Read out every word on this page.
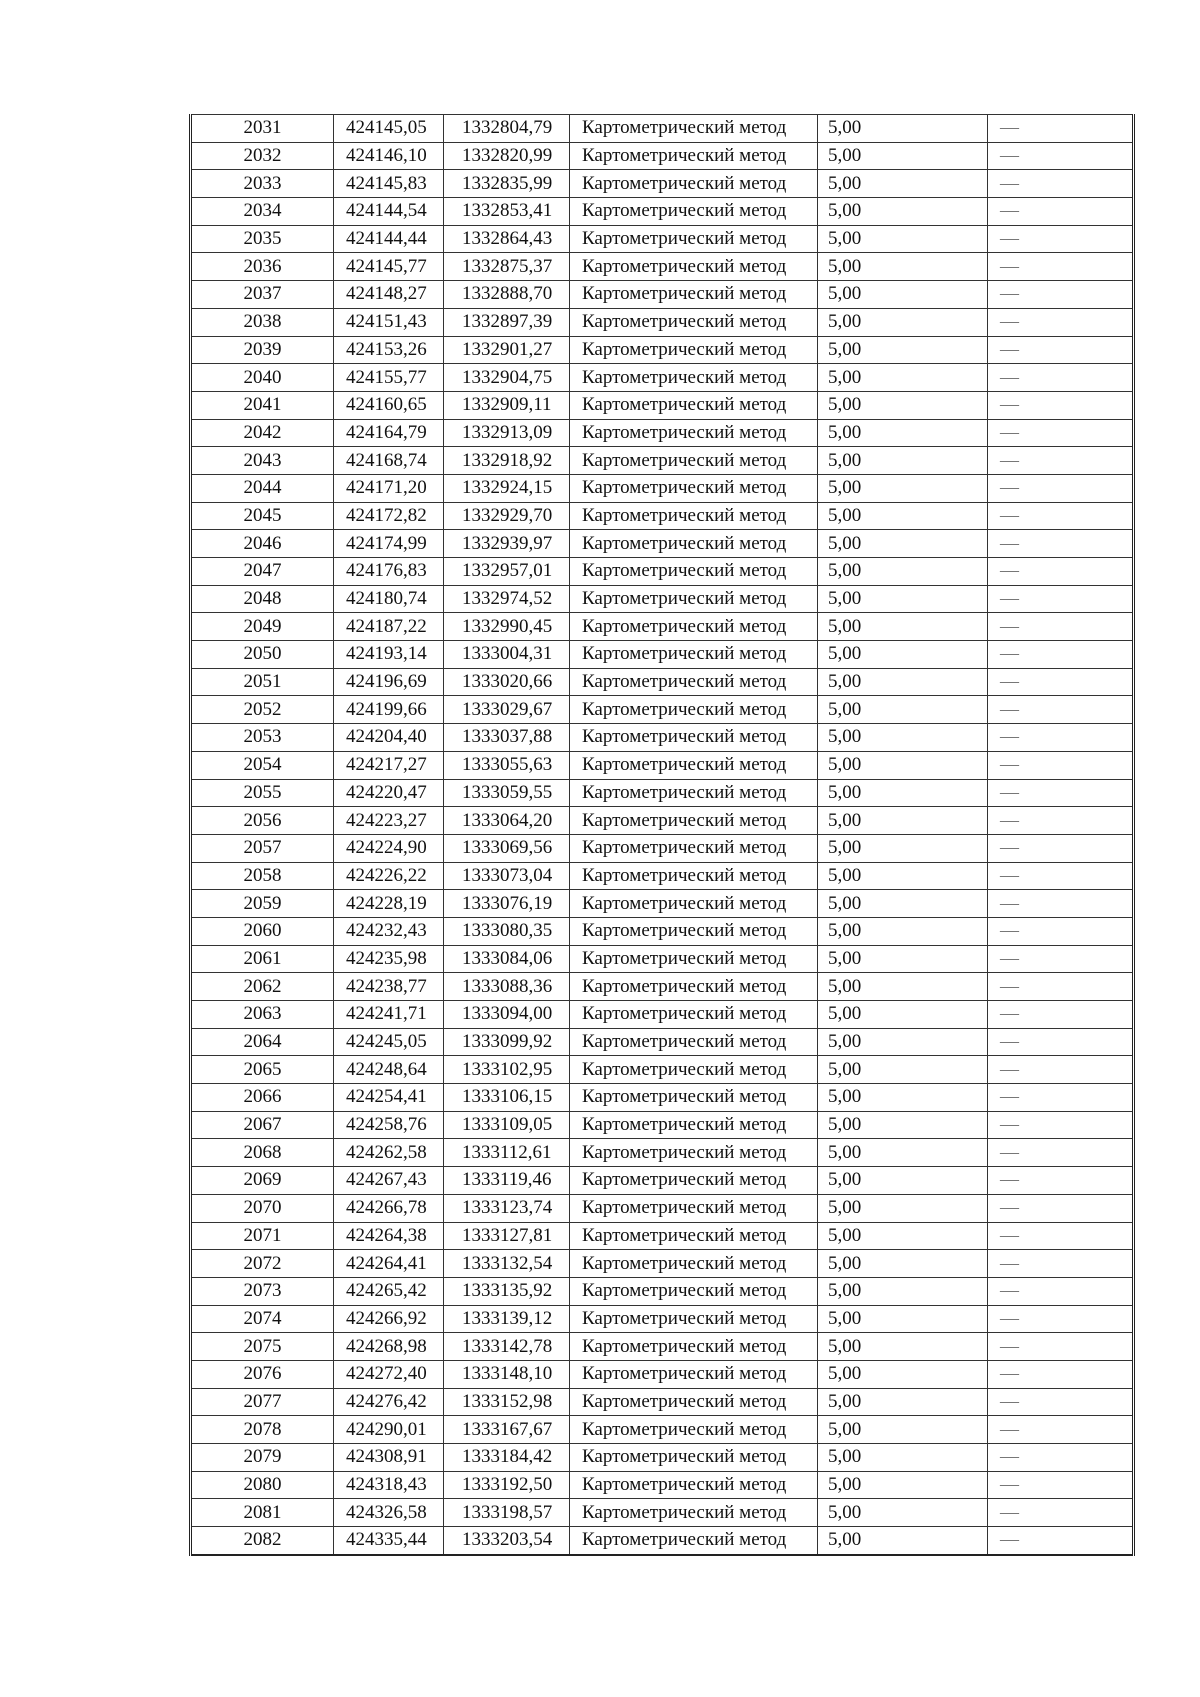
2031	424145,05	1332804,79	Картометрический метод	5,00	—
2032	424146,10	1332820,99	Картометрический метод	5,00	—
2033	424145,83	1332835,99	Картометрический метод	5,00	—
2034	424144,54	1332853,41	Картометрический метод	5,00	—
2035	424144,44	1332864,43	Картометрический метод	5,00	—
2036	424145,77	1332875,37	Картометрический метод	5,00	—
2037	424148,27	1332888,70	Картометрический метод	5,00	—
2038	424151,43	1332897,39	Картометрический метод	5,00	—
2039	424153,26	1332901,27	Картометрический метод	5,00	—
2040	424155,77	1332904,75	Картометрический метод	5,00	—
2041	424160,65	1332909,11	Картометрический метод	5,00	—
2042	424164,79	1332913,09	Картометрический метод	5,00	—
2043	424168,74	1332918,92	Картометрический метод	5,00	—
2044	424171,20	1332924,15	Картометрический метод	5,00	—
2045	424172,82	1332929,70	Картометрический метод	5,00	—
2046	424174,99	1332939,97	Картометрический метод	5,00	—
2047	424176,83	1332957,01	Картометрический метод	5,00	—
2048	424180,74	1332974,52	Картометрический метод	5,00	—
2049	424187,22	1332990,45	Картометрический метод	5,00	—
2050	424193,14	1333004,31	Картометрический метод	5,00	—
2051	424196,69	1333020,66	Картометрический метод	5,00	—
2052	424199,66	1333029,67	Картометрический метод	5,00	—
2053	424204,40	1333037,88	Картометрический метод	5,00	—
2054	424217,27	1333055,63	Картометрический метод	5,00	—
2055	424220,47	1333059,55	Картометрический метод	5,00	—
2056	424223,27	1333064,20	Картометрический метод	5,00	—
2057	424224,90	1333069,56	Картометрический метод	5,00	—
2058	424226,22	1333073,04	Картометрический метод	5,00	—
2059	424228,19	1333076,19	Картометрический метод	5,00	—
2060	424232,43	1333080,35	Картометрический метод	5,00	—
2061	424235,98	1333084,06	Картометрический метод	5,00	—
2062	424238,77	1333088,36	Картометрический метод	5,00	—
2063	424241,71	1333094,00	Картометрический метод	5,00	—
2064	424245,05	1333099,92	Картометрический метод	5,00	—
2065	424248,64	1333102,95	Картометрический метод	5,00	—
2066	424254,41	1333106,15	Картометрический метод	5,00	—
2067	424258,76	1333109,05	Картометрический метод	5,00	—
2068	424262,58	1333112,61	Картометрический метод	5,00	—
2069	424267,43	1333119,46	Картометрический метод	5,00	—
2070	424266,78	1333123,74	Картометрический метод	5,00	—
2071	424264,38	1333127,81	Картометрический метод	5,00	—
2072	424264,41	1333132,54	Картометрический метод	5,00	—
2073	424265,42	1333135,92	Картометрический метод	5,00	—
2074	424266,92	1333139,12	Картометрический метод	5,00	—
2075	424268,98	1333142,78	Картометрический метод	5,00	—
2076	424272,40	1333148,10	Картометрический метод	5,00	—
2077	424276,42	1333152,98	Картометрический метод	5,00	—
2078	424290,01	1333167,67	Картометрический метод	5,00	—
2079	424308,91	1333184,42	Картометрический метод	5,00	—
2080	424318,43	1333192,50	Картометрический метод	5,00	—
2081	424326,58	1333198,57	Картометрический метод	5,00	—
2082	424335,44	1333203,54	Картометрический метод	5,00	—
